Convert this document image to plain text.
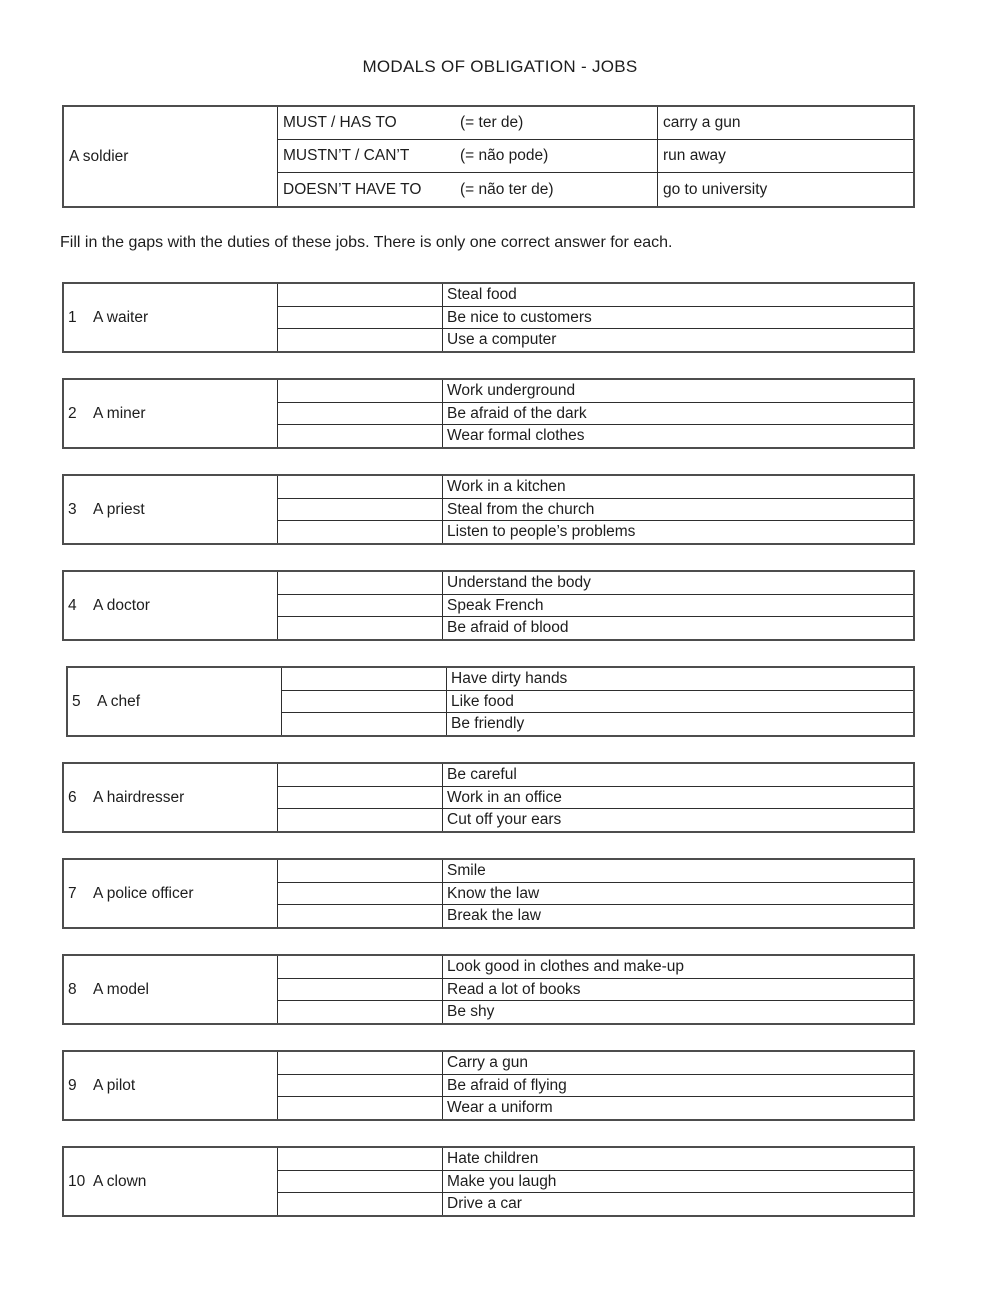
MODALS OF OBLIGATION - JOBS
A soldier
MUST / HAS TO	(= ter de)	carry a gun
MUSTN’T / CAN’T	(= não pode)	run away
DOESN’T HAVE TO	(= não ter de)	go to university
Fill in the gaps with the duties of these jobs. There is only one correct answer for each.
1	A waiter
Steal food
Be nice to customers
Use a computer
2	A miner
Work underground
Be afraid of the dark
Wear formal clothes
3	A priest
Work in a kitchen
Steal from the church
Listen to people’s problems
4	A doctor
Understand the body
Speak French
Be afraid of blood
5	A chef
Have dirty hands
Like food
Be friendly
6	A hairdresser
Be careful
Work in an office
Cut off your ears
7	A police officer
Smile
Know the law
Break the law
8	A model
Look good in clothes and make-up
Read a lot of books
Be shy
9	A pilot
Carry a gun
Be afraid of flying
Wear a uniform
10 A clown
Hate children
Make you laugh
Drive a car
